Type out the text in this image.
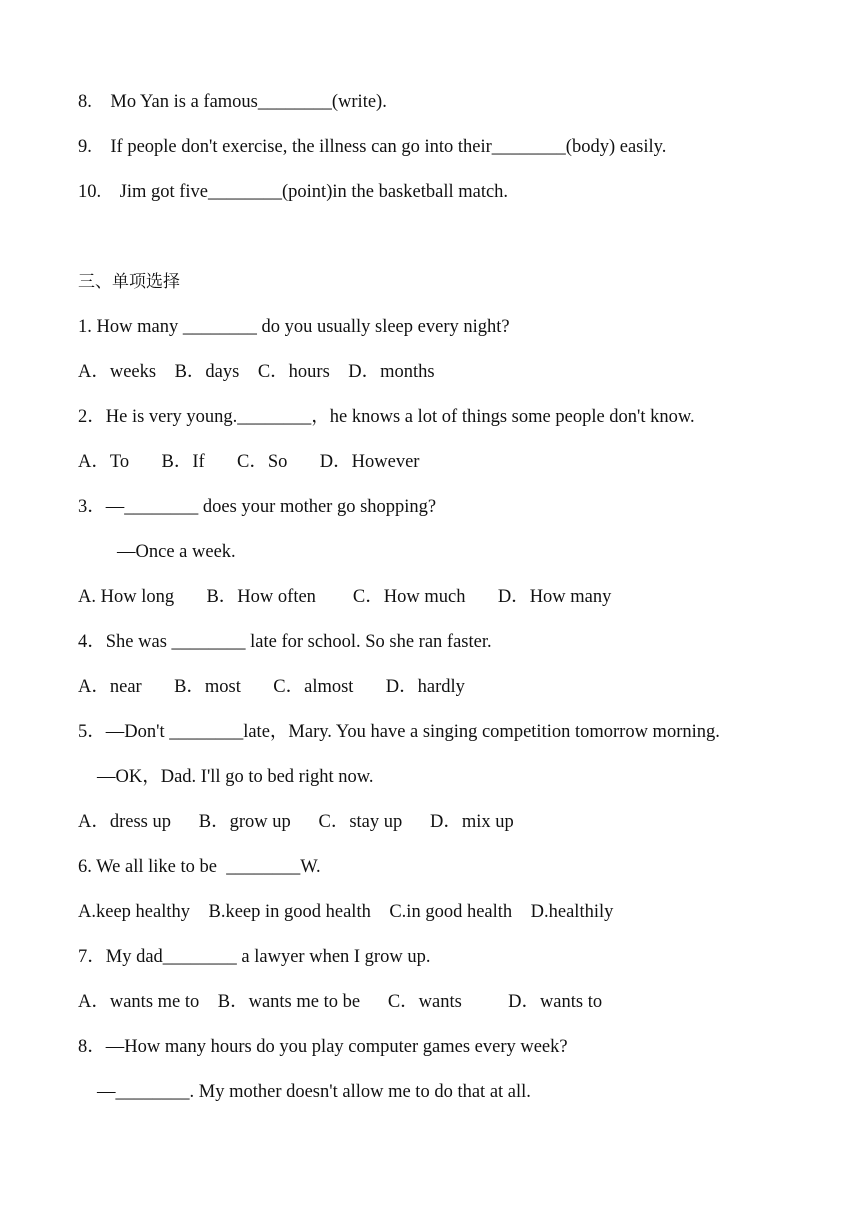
8.    Mo Yan is a famous________(write).
9.    If people don't exercise, the illness can go into their________(body) easily.
10.    Jim got five________(point)in the basketball match.
三、单项选择
1. How many ________ do you usually sleep every night?
A．weeks    B．days    C．hours    D．months
2．He is very young.________，he knows a lot of things some people don't know.
A．To       B．If       C．So       D．However
3．—________ does your mother go shopping?
—Once a week.
A. How long       B．How often        C．How much       D．How many
4．She was ________ late for school. So she ran faster.
A．near       B．most       C．almost       D．hardly
5．—Don't ________late，Mary. You have a singing competition tomorrow morning.
—OK，Dad. I'll go to bed right now.
A．dress up      B．grow up      C．stay up      D．mix up
6. We all like to be  ________W.
A.keep healthy    B.keep in good health    C.in good health    D.healthily
7．My dad________ a lawyer when I grow up.
A．wants me to    B．wants me to be      C．wants          D．wants to
8．—How many hours do you play computer games every week?
—________. My mother doesn't allow me to do that at all.
